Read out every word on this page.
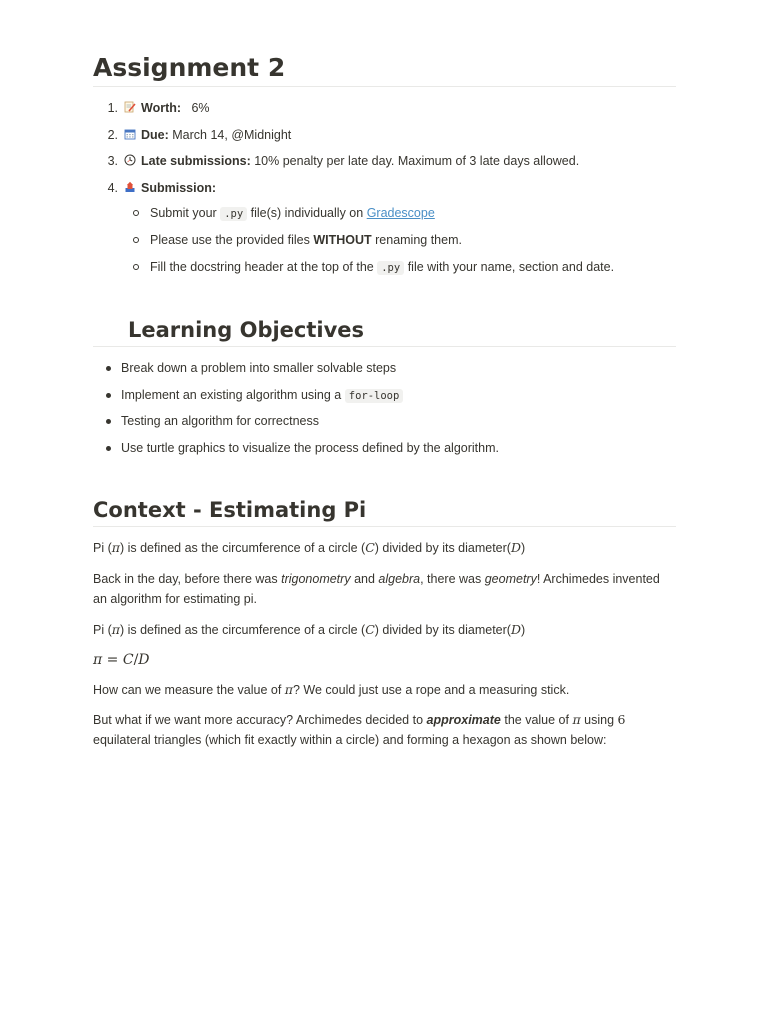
Assignment 2
1. Worth: 6%
2. Due: March 14, @Midnight
3. Late submissions: 10% penalty per late day. Maximum of 3 late days allowed.
4. Submission:
Submit your .py file(s) individually on Gradescope
Please use the provided files WITHOUT renaming them.
Fill the docstring header at the top of the .py file with your name, section and date.
Learning Objectives
Break down a problem into smaller solvable steps
Implement an existing algorithm using a for-loop
Testing an algorithm for correctness
Use turtle graphics to visualize the process defined by the algorithm.
Context - Estimating Pi

Pi (π) is defined as the circumference of a circle (C) divided by its diameter(D)

Back in the day, before there was trigonometry and algebra, there was geometry! Archimedes invented an algorithm for estimating pi.

Pi (π) is defined as the circumference of a circle (C) divided by its diameter(D)

π = C/D

How can we measure the value of π? We could just use a rope and a measuring stick.

But what if we want more accuracy? Archimedes decided to approximate the value of π using 6 equilateral triangles (which fit exactly within a circle) and forming a hexagon as shown below:
